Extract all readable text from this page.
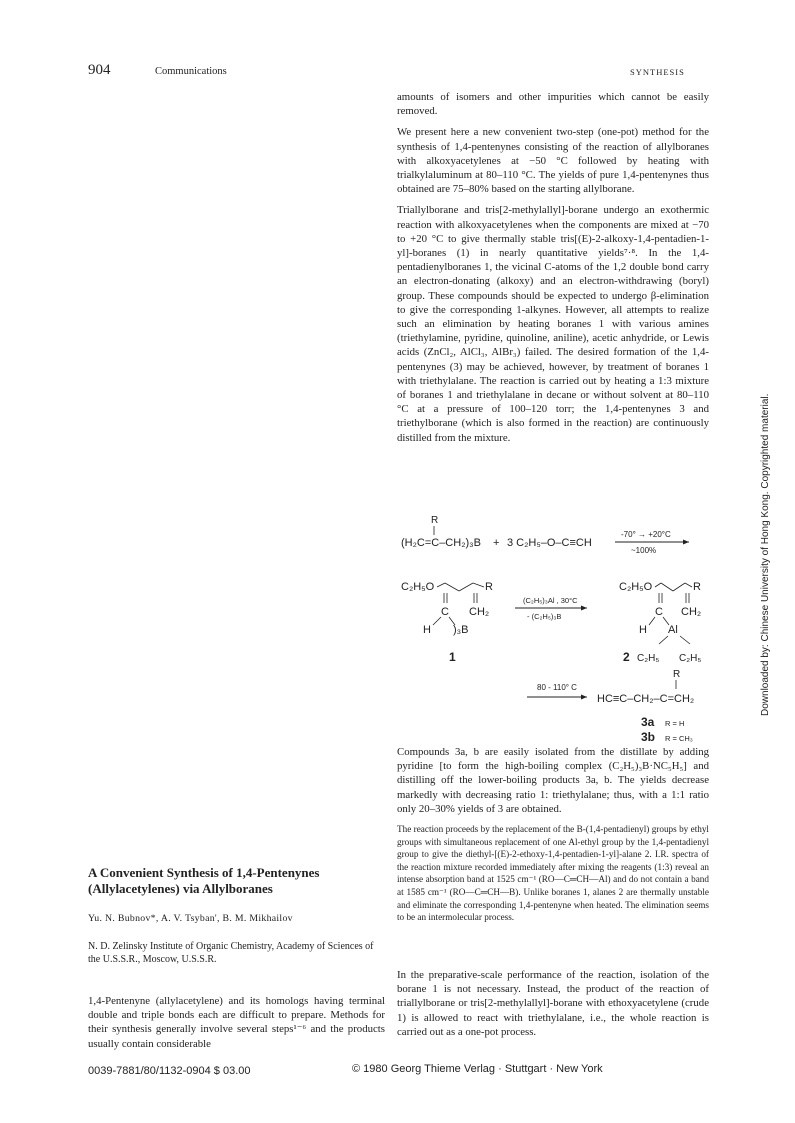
904	Communications	SYNTHESIS

amounts of isomers and other impurities which cannot be easily removed.

We present here a new convenient two-step (one-pot) method for the synthesis of 1,4-pentenynes consisting of the reaction of allylboranes with alkoxyacetylenes at −50 °C followed by heating with trialkylaluminum at 80–110 °C. The yields of pure 1,4-pentenynes thus obtained are 75–80% based on the starting allylborane.

Triallylborane and tris[2-methylallyl]-borane undergo an exothermic reaction with alkoxyacetylenes when the components are mixed at −70 to +20 °C to give thermally stable tris[(E)-2-alkoxy-1,4-pentadien-1-yl]-boranes (1) in nearly quantitative yields⁷·⁸. In the 1,4-pentadienylboranes 1, the vicinal C-atoms of the 1,2 double bond carry an electron-donating (alkoxy) and an electron-withdrawing (boryl) group. These compounds should be expected to undergo β-elimination to give the corresponding 1-alkynes. However, all attempts to realize such an elimination by heating boranes 1 with various amines (triethylamine, pyridine, quinoline, aniline), acetic anhydride, or Lewis acids (ZnCl₂, AlCl₃, AlBr₃) failed. The desired formation of the 1,4-pentenynes (3) may be achieved, however, by treatment of boranes 1 with triethylalane. The reaction is carried out by heating a 1:3 mixture of boranes 1 and triethylalane in decane or without solvent at 80–110 °C at a pressure of 100–120 torr; the 1,4-pentenynes 3 and triethylborane (which is also formed in the reaction) are continuously distilled from the mixture.

R
(H₂C=C–CH₂)₃B + 3 C₂H₅–O–C≡CH
-70° → +20°C
~100%
C₂H₅O	R
C CH₂
H )₃B
1
(C₂H₅)₃Al , 30°C
- (C₂H₅)₃B
C₂H₅O	R
C CH₂
H Al
2 C₂H₅ C₂H₅
80 - 110° C
R
HC≡C–CH₂–C=CH₂
3a R = H
3b R = CH₃

Compounds 3a, b are easily isolated from the distillate by adding pyridine [to form the high-boiling complex (C₂H₅)₃B·NC₅H₅] and distilling off the lower-boiling products 3a, b. The yields decrease markedly with decreasing ratio 1: triethylalane; thus, with a 1:1 ratio only 20–30% yields of 3 are obtained.

The reaction proceeds by the replacement of the B-(1,4-pentadienyl) groups by ethyl groups with simultaneous replacement of one Al-ethyl group by the 1,4-pentadienyl group to give the diethyl-[(E)-2-ethoxy-1,4-pentadien-1-yl]-alane 2. I.R. spectra of the reaction mixture recorded immediately after mixing the reagents (1:3) reveal an intense absorption band at 1525 cm⁻¹ (RO—C═CH—Al) and do not contain a band at 1585 cm⁻¹ (RO—C═CH—B). Unlike boranes 1, alanes 2 are thermally unstable and eliminate the corresponding 1,4-pentenyne when heated. The elimination seems to be an intermolecular process.

In the preparative-scale performance of the reaction, isolation of the borane 1 is not necessary. Instead, the product of the reaction of triallylborane or tris[2-methylallyl]-borane with ethoxyacetylene (crude 1) is allowed to react with triethylalane, i.e., the whole reaction is carried out as a one-pot process.

A Convenient Synthesis of 1,4-Pentenynes (Allylacetylenes) via Allylboranes
Yu. N. Bubnov*, A. V. Tsyban', B. M. Mikhailov
N. D. Zelinsky Institute of Organic Chemistry, Academy of Sciences of the U.S.S.R., Moscow, U.S.S.R.
1,4-Pentenyne (allylacetylene) and its homologs having terminal double and triple bonds each are difficult to prepare. Methods for their synthesis generally involve several steps¹⁻⁶ and the products usually contain considerable
0039-7881/80/1132-0904 $ 03.00	© 1980 Georg Thieme Verlag · Stuttgart · New York
Downloaded by: Chinese University of Hong Kong. Copyrighted material.
